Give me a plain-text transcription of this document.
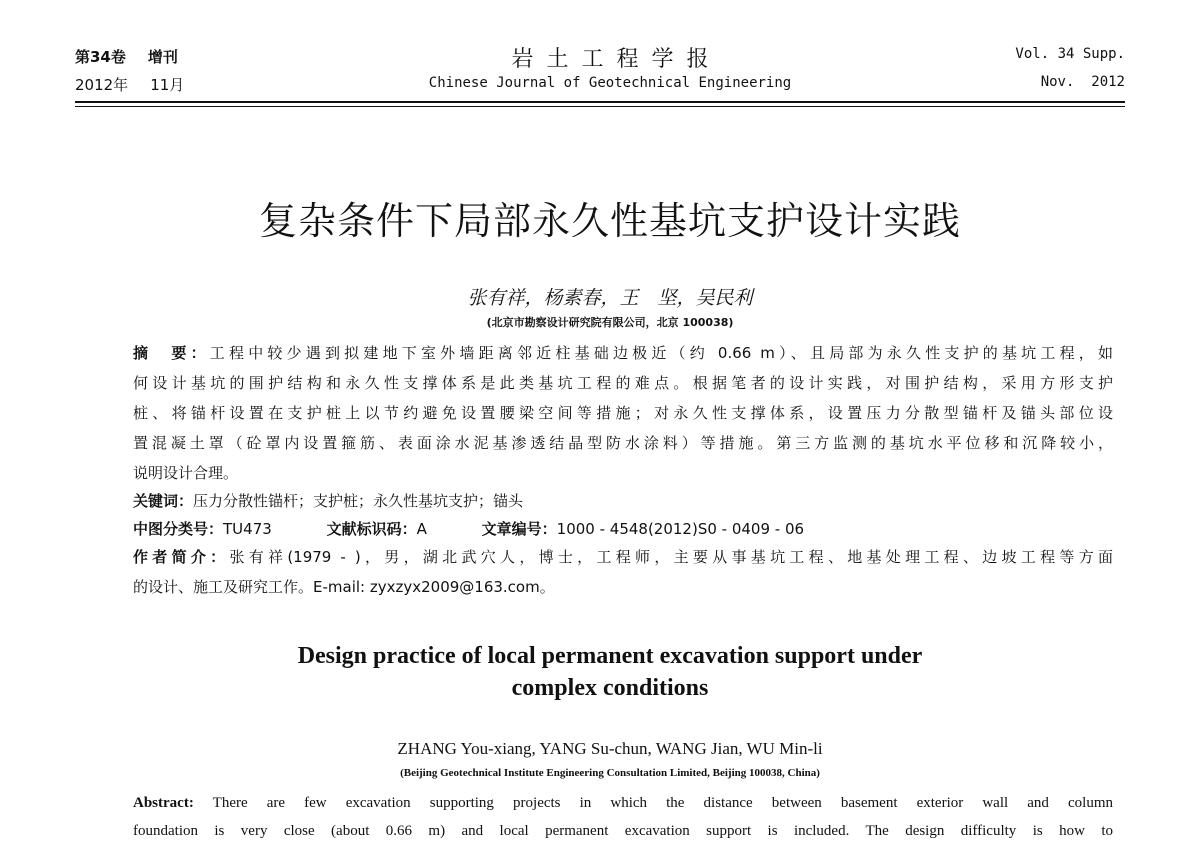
第34卷 增刊
2012年 11月
岩 土 工 程 学 报
Chinese Journal of Geotechnical Engineering
Vol. 34 Supp.
Nov.  2012
复杂条件下局部永久性基坑支护设计实践
张有祥，杨素春，王　坚，吴民利
(北京市勘察设计研究院有限公司，北京 100038)
摘　要：工程中较少遇到拟建地下室外墙距离邻近柱基础边极近（约 0.66 m）、且局部为永久性支护的基坑工程，如
何设计基坑的围护结构和永久性支撑体系是此类基坑工程的难点。根据笔者的设计实践，对围护结构，采用方形支护
桩、将锚杆设置在支护桩上以节约避免设置腰梁空间等措施；对永久性支撑体系，设置压力分散型锚杆及锚头部位设
置混凝土罩（砼罩内设置箍筋、表面涂水泥基渗透结晶型防水涂料）等措施。第三方监测的基坑水平位移和沉降较小，
说明设计合理。
关键词：压力分散性锚杆；支护桩；永久性基坑支护；锚头
中图分类号：TU473	文献标识码：A	文章编号：1000 - 4548(2012)S0 - 0409 - 06
作者简介：张有祥(1979 - )，男，湖北武穴人，博士，工程师，主要从事基坑工程、地基处理工程、边坡工程等方面
的设计、施工及研究工作。E-mail: zyxzyx2009@163.com。
Design practice of local permanent excavation support under
complex conditions
ZHANG You-xiang, YANG Su-chun, WANG Jian, WU Min-li
(Beijing Geotechnical Institute Engineering Consultation Limited, Beijing 100038, China)
Abstract: There are few excavation supporting projects in which the distance between basement exterior wall and column
foundation is very close (about 0.66 m) and local permanent excavation support is included. The design difficulty is how to
